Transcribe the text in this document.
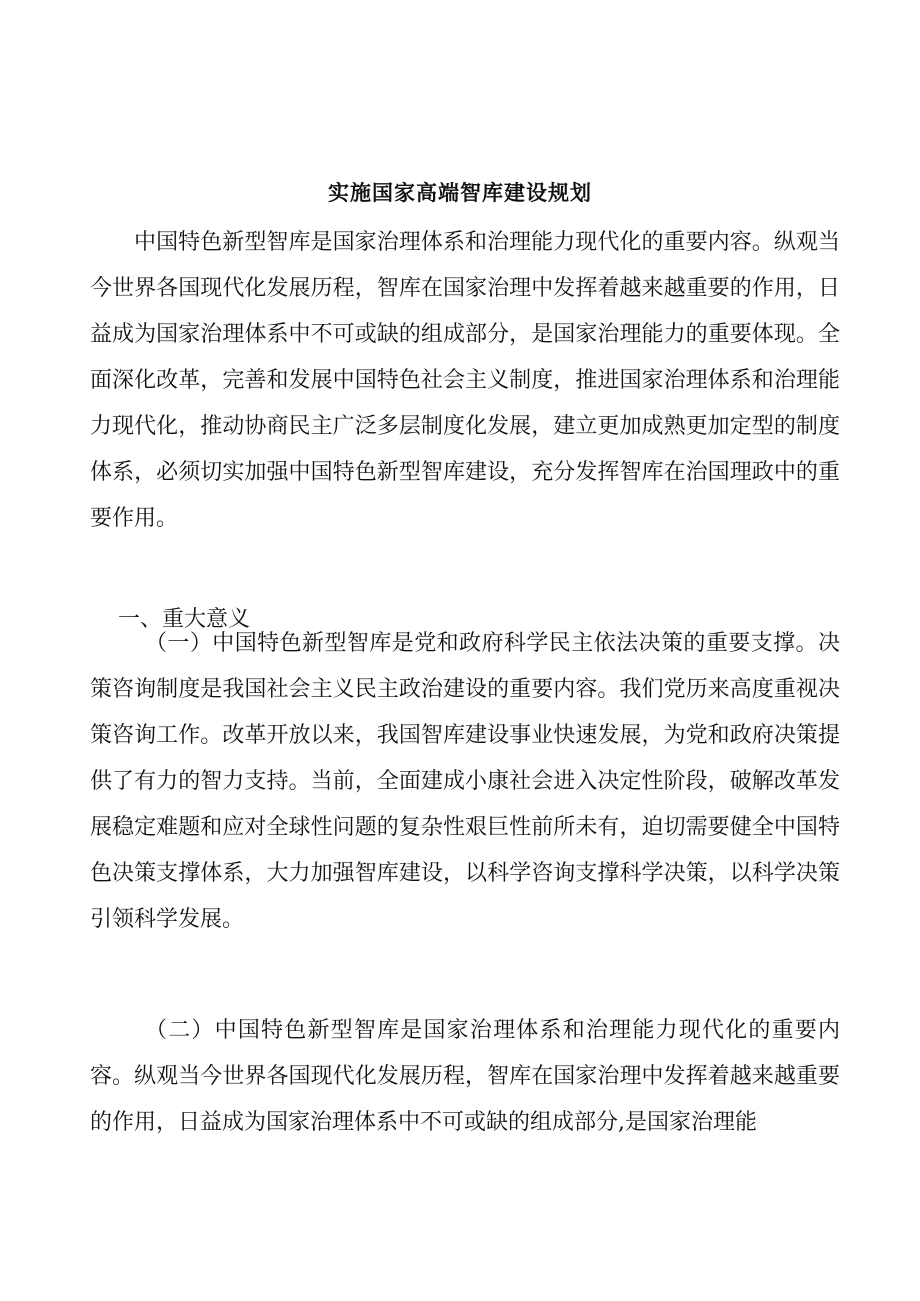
实施国家高端智库建设规划

中国特色新型智库是国家治理体系和治理能力现代化的重要内容。纵观当今世界各国现代化发展历程，智库在国家治理中发挥着越来越重要的作用，日益成为国家治理体系中不可或缺的组成部分，是国家治理能力的重要体现。全面深化改革，完善和发展中国特色社会主义制度，推进国家治理体系和治理能力现代化，推动协商民主广泛多层制度化发展，建立更加成熟更加定型的制度体系，必须切实加强中国特色新型智库建设，充分发挥智库在治国理政中的重要作用。

一、重大意义

（一）中国特色新型智库是党和政府科学民主依法决策的重要支撑。决策咨询制度是我国社会主义民主政治建设的重要内容。我们党历来高度重视决策咨询工作。改革开放以来，我国智库建设事业快速发展，为党和政府决策提供了有力的智力支持。当前，全面建成小康社会进入决定性阶段，破解改革发展稳定难题和应对全球性问题的复杂性艰巨性前所未有，迫切需要健全中国特色决策支撑体系，大力加强智库建设，以科学咨询支撑科学决策，以科学决策引领科学发展。

（二）中国特色新型智库是国家治理体系和治理能力现代化的重要内容。纵观当今世界各国现代化发展历程，智库在国家治理中发挥着越来越重要的作用，日益成为国家治理体系中不可或缺的组成部分,是国家治理能
